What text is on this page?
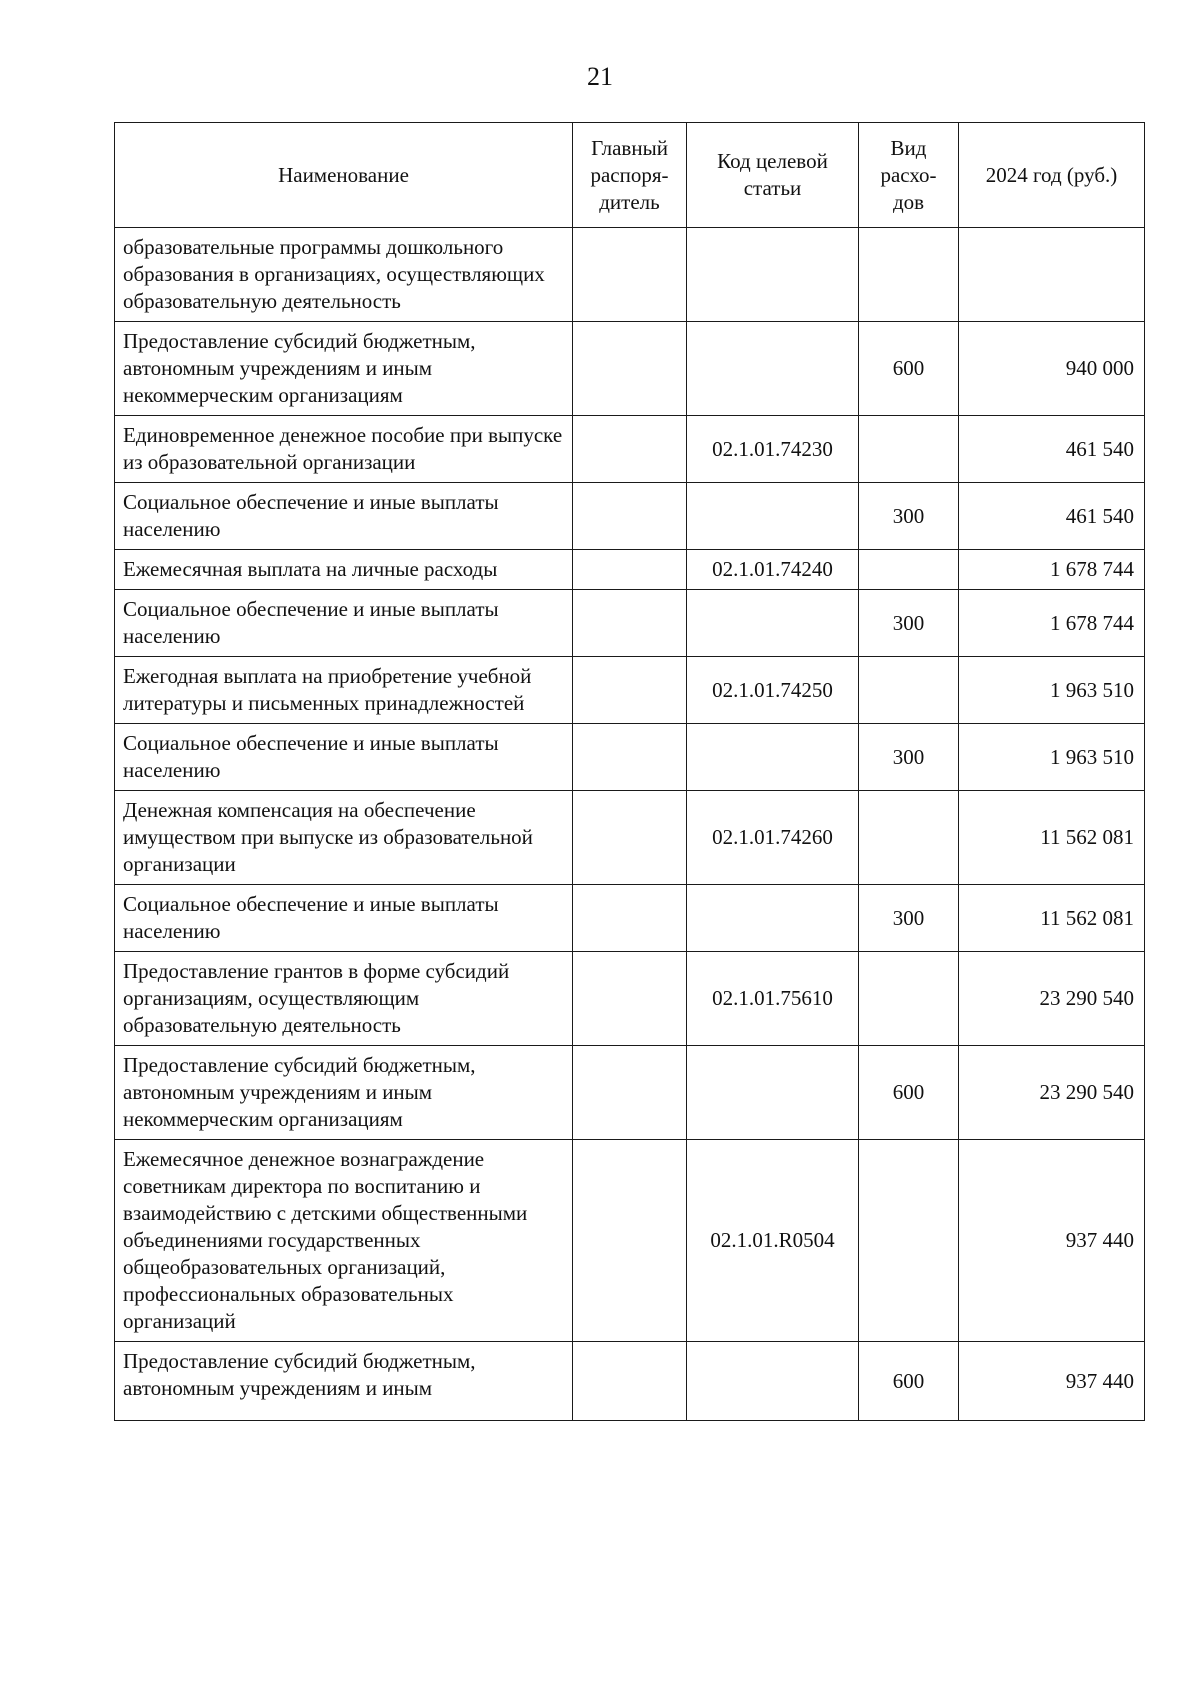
21
Наименование	Главный распоря-дитель	Код целевой статьи	Вид расхо-дов	2024 год (руб.)
образовательные программы дошкольного образования в организациях, осуществляющих образовательную деятельность				
Предоставление субсидий бюджетным, автономным учреждениям и иным некоммерческим организациям			600	940 000
Единовременное денежное пособие при выпуске из образовательной организации		02.1.01.74230		461 540
Социальное обеспечение и иные выплаты населению			300	461 540
Ежемесячная выплата на личные расходы		02.1.01.74240		1 678 744
Социальное обеспечение и иные выплаты населению			300	1 678 744
Ежегодная выплата на приобретение учебной литературы и письменных принадлежностей		02.1.01.74250		1 963 510
Социальное обеспечение и иные выплаты населению			300	1 963 510
Денежная компенсация на обеспечение имуществом при выпуске из образовательной организации		02.1.01.74260		11 562 081
Социальное обеспечение и иные выплаты населению			300	11 562 081
Предоставление грантов в форме субсидий организациям, осуществляющим образовательную деятельность		02.1.01.75610		23 290 540
Предоставление субсидий бюджетным, автономным учреждениям и иным некоммерческим организациям			600	23 290 540
Ежемесячное денежное вознаграждение советникам директора по воспитанию и взаимодействию с детскими общественными объединениями государственных общеобразовательных организаций, профессиональных образовательных организаций		02.1.01.R0504		937 440
Предоставление субсидий бюджетным, автономным учреждениям и иным			600	937 440
